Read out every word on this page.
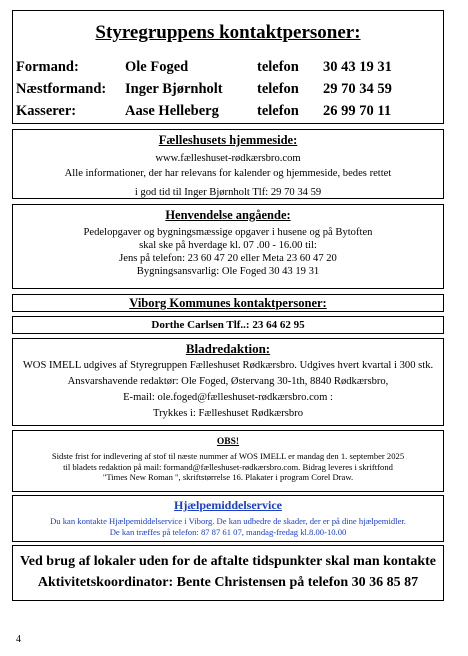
Styregruppens kontaktpersoner:
Formand:	Ole Foged	telefon 30 43 19 31
Næstformand: Inger Bjørnholt telefon 29 70 34 59
Kasserer:	Aase Helleberg	telefon 26 99 70 11
Fælleshusets hjemmeside:
www.fælleshuset-rødkærsbro.com
Alle informationer, der har relevans for kalender og hjemmeside, bedes rettet
i god tid til Inger Bjørnholt Tlf: 29 70 34 59
Henvendelse angående:
Pedelopgaver og bygningsmæssige opgaver i husene og på Bytoften
skal ske på hverdage kl. 07 .00 - 16.00 til:
Jens på telefon: 23 60 47 20 eller Meta 23 60 47 20
Bygningsansvarlig: Ole Foged 30 43 19 31
Viborg Kommunes kontaktpersoner:
Dorthe Carlsen Tlf..: 23 64 62 95
Bladredaktion:
WOS IMELL udgives af Styregruppen Fælleshuset Rødkærsbro. Udgives hvert kvartal i 300 stk.
Ansvarshavende redaktør: Ole Foged, Østervang 30-1th, 8840 Rødkærsbro,
E-mail: ole.foged@fælleshuset-rødkærsbro.com :
Trykkes i: Fælleshuset Rødkærsbro
OBS!
Sidste frist for indlevering af stof til næste nummer af WOS IMELL er mandag den 1. september 2025
til bladets redaktion på mail: formand@fælleshuset-rødkærsbro.com. Bidrag leveres i skriftfond
"Times New Roman ", skriftstørrelse 16. Plakater i program Corel Draw.
Hjælpemiddelservice
Du kan kontakte Hjælpemiddelservice i Viborg. De kan udbedre de skader, der er på dine hjælpemidler.
De kan træffes på telefon: 87 87 61 07, mandag-fredag kl.8.00-10.00
Ved brug af lokaler uden for de aftalte tidspunkter skal man kontakte
Aktivitetskoordinator: Bente Christensen på telefon 30 36 85 87
4
